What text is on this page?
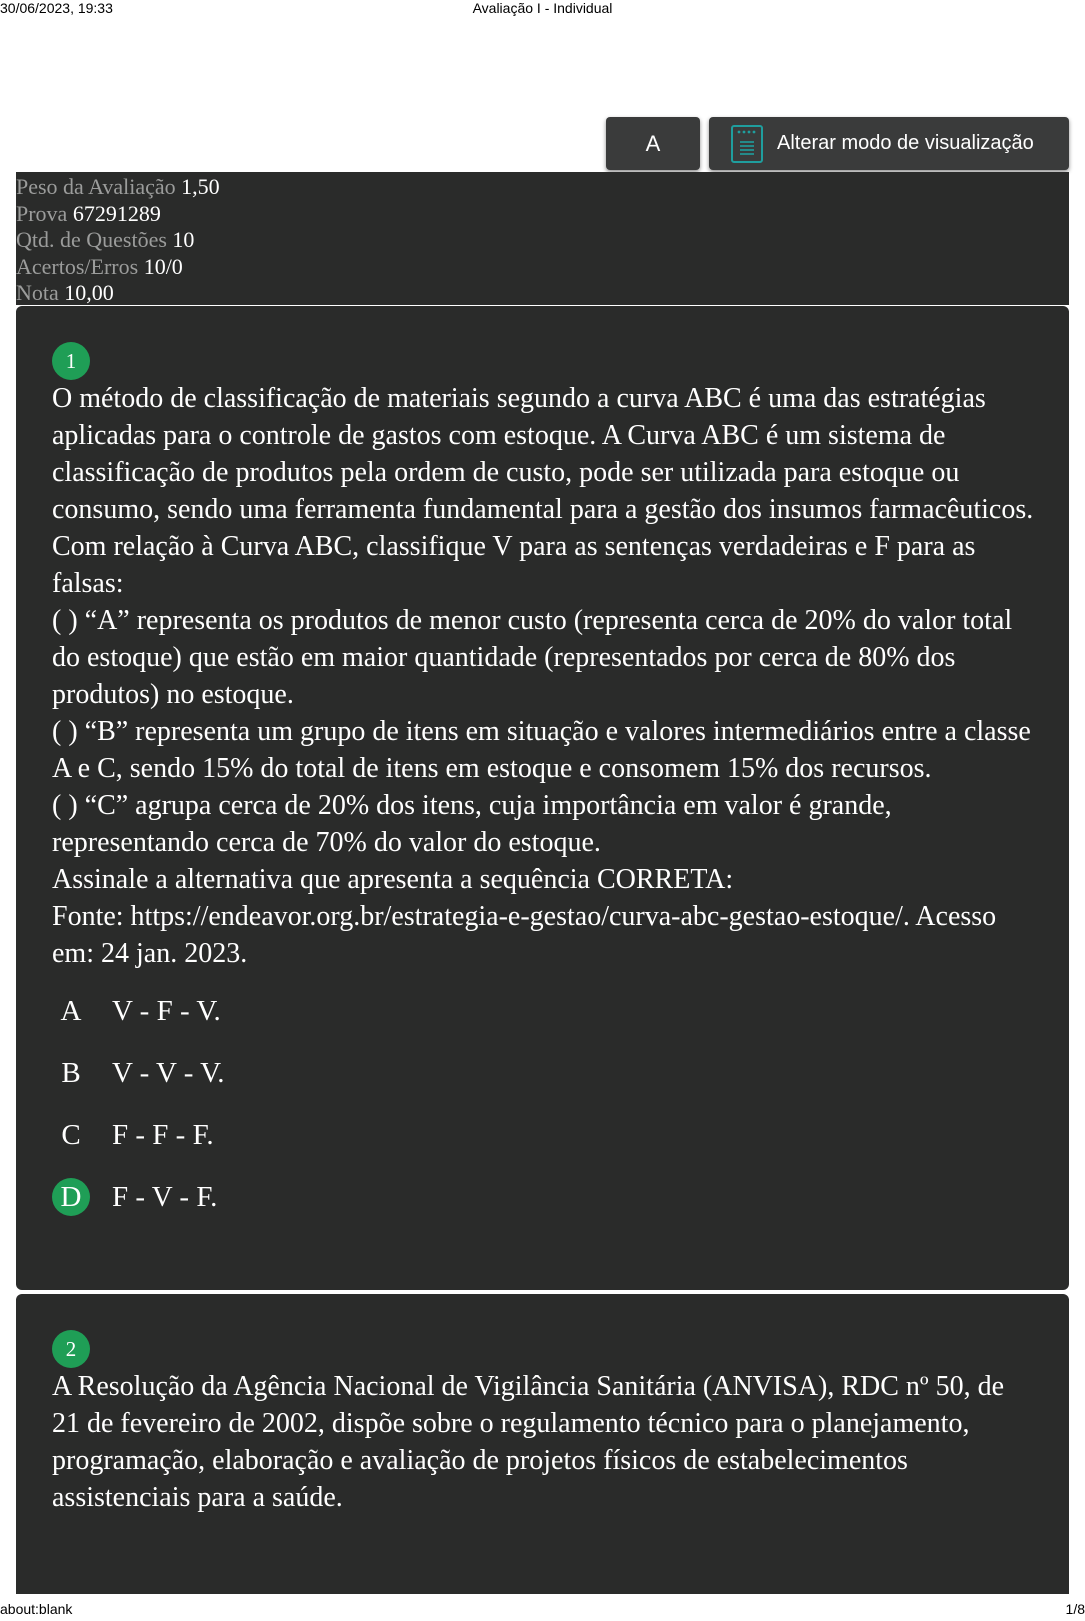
30/06/2023, 19:33	Avaliação I - Individual
A	Alterar modo de visualização
Peso da Avaliação 1,50
Prova 67291289
Qtd. de Questões 10
Acertos/Erros 10/0
Nota 10,00
1

O método de classificação de materiais segundo a curva ABC é uma das estratégias aplicadas para o controle de gastos com estoque. A Curva ABC é um sistema de classificação de produtos pela ordem de custo, pode ser utilizada para estoque ou consumo, sendo uma ferramenta fundamental para a gestão dos insumos farmacêuticos. Com relação à Curva ABC, classifique V para as sentenças verdadeiras e F para as falsas:

( ) “A” representa os produtos de menor custo (representa cerca de 20% do valor total do estoque) que estão em maior quantidade (representados por cerca de 80% dos produtos) no estoque.

( ) “B” representa um grupo de itens em situação e valores intermediários entre a classe A e C, sendo 15% do total de itens em estoque e consomem 15% dos recursos.

( ) “C” agrupa cerca de 20% dos itens, cuja importância em valor é grande, representando cerca de 70% do valor do estoque.

Assinale a alternativa que apresenta a sequência CORRETA:

Fonte: https://endeavor.org.br/estrategia-e-gestao/curva-abc-gestao-estoque/. Acesso em: 24 jan. 2023.

A V - F - V.
B	V - V - V.
C	F - F - F.
D F - V - F.
2

A Resolução da Agência Nacional de Vigilância Sanitária (ANVISA), RDC nº 50, de 21 de fevereiro de 2002, dispõe sobre o regulamento técnico para o planejamento, programação, elaboração e avaliação de projetos físicos de estabelecimentos assistenciais para a saúde.

about:blank	1/8
